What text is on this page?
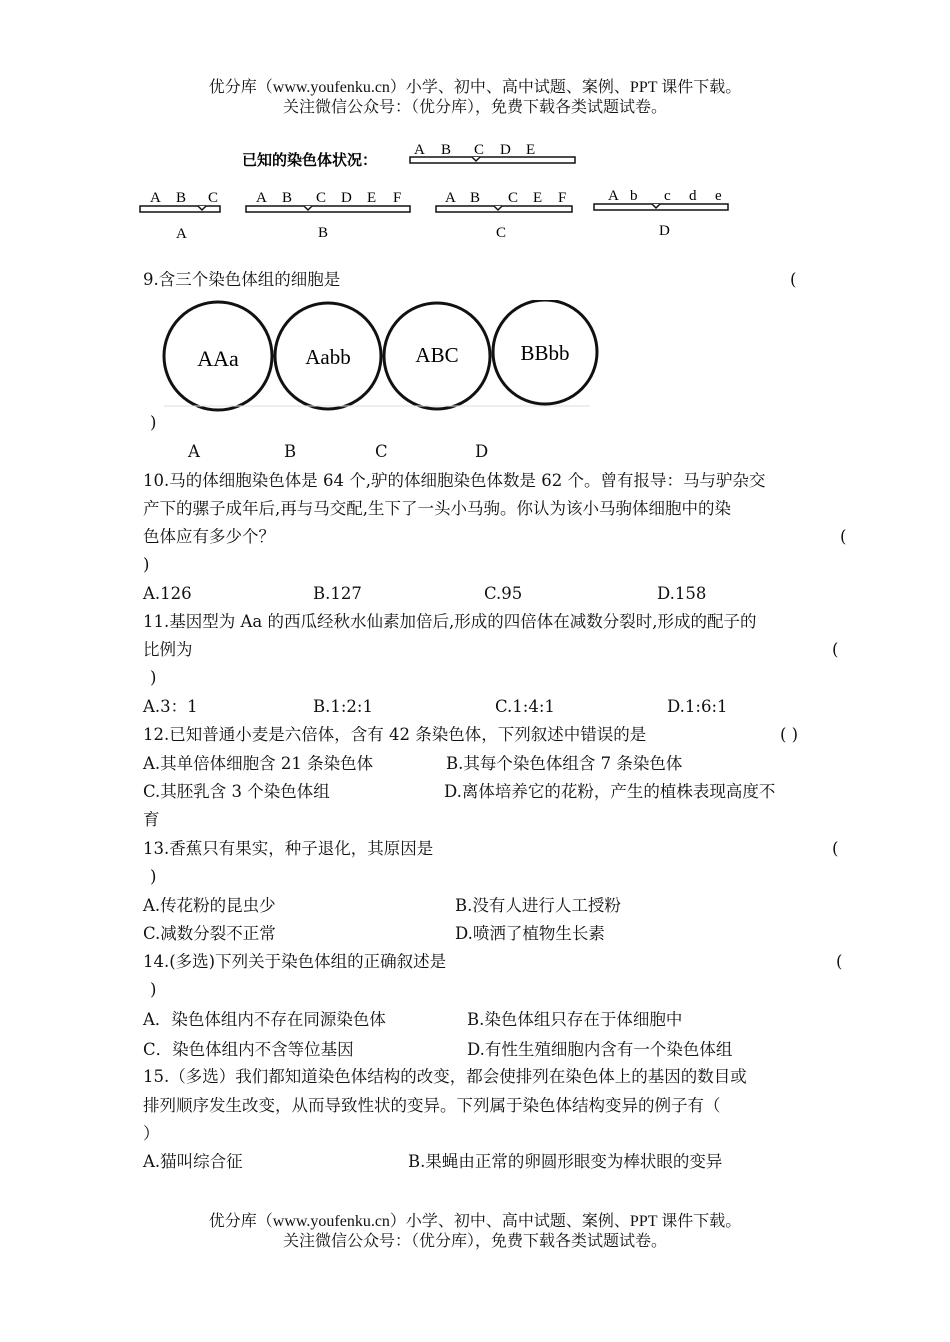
优分库（www.youfenku.cn）小学、初中、高中试题、案例、PPT 课件下载。
关注微信公众号：（优分库），免费下载各类试题试卷。
已知的染色体状况：
A B C D E
A B C
A
A B C D E F
B
A B C E F
C
A b c d e
D
9.含三个染色体组的细胞是	(
AAa	Aabb	ABC	BBbb
)
A	B	C	D
10.马的体细胞染色体是 64 个,驴的体细胞染色体数是 62 个。曾有报导：马与驴杂交
产下的骡子成年后,再与马交配,生下了一头小马驹。你认为该小马驹体细胞中的染
色体应有多少个？	(
)
A.126	B.127	C.95	D.158
11.基因型为 Aa 的西瓜经秋水仙素加倍后,形成的四倍体在减数分裂时,形成的配子的
比例为	(
)
A.3：1	B.1:2:1	C.1:4:1	D.1:6:1
12.已知普通小麦是六倍体，含有 42 条染色体，下列叙述中错误的是	( )
A.其单倍体细胞含 21 条染色体	B.其每个染色体组含 7 条染色体
C.其胚乳含 3 个染色体组	D.离体培养它的花粉，产生的植株表现高度不
育
13.香蕉只有果实，种子退化，其原因是	(
)
A.传花粉的昆虫少	B.没有人进行人工授粉
C.减数分裂不正常	D.喷洒了植物生长素
14.(多选)下列关于染色体组的正确叙述是	(
)
A．染色体组内不存在同源染色体	B.染色体组只存在于体细胞中
C．染色体组内不含等位基因	D.有性生殖细胞内含有一个染色体组
15.（多选）我们都知道染色体结构的改变，都会使排列在染色体上的基因的数目或
排列顺序发生改变，从而导致性状的变异。下列属于染色体结构变异的例子有（
）
A.猫叫综合征	B.果蝇由正常的卵圆形眼变为棒状眼的变异
优分库（www.youfenku.cn）小学、初中、高中试题、案例、PPT 课件下载。
关注微信公众号：（优分库），免费下载各类试题试卷。
